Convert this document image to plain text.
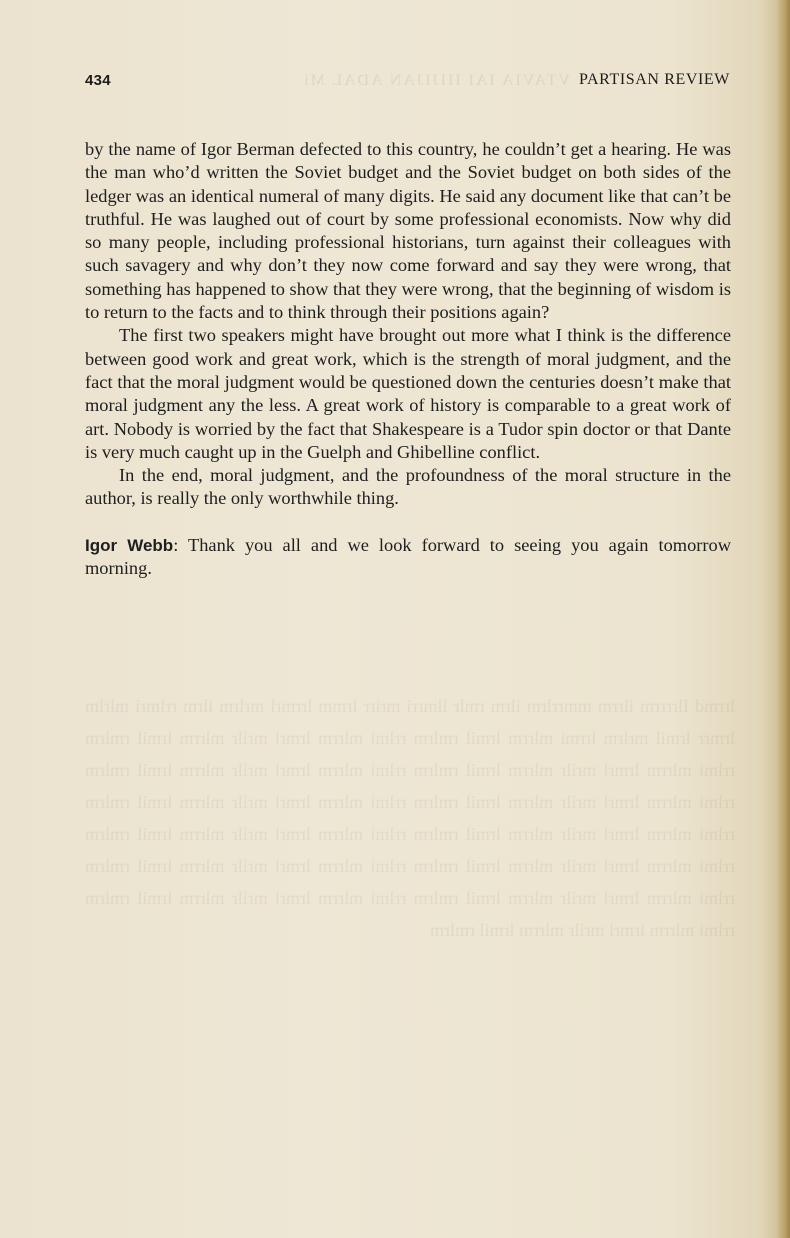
VTAVIA IAI IIIJIJAN ADAL Mi
434	PARTISAN REVIEW

by the name of Igor Berman defected to this country, he couldn’t get a hearing. He was the man who’d written the Soviet budget and the Soviet budget on both sides of the ledger was an identical numeral of many digits. He said any document like that can’t be truthful. He was laughed out of court by some professional economists. Now why did so many people, including professional historians, turn against their colleagues with such savagery and why don’t they now come forward and say they were wrong, that something has happened to show that they were wrong, that the beginning of wisdom is to return to the facts and to think through their positions again?

The first two speakers might have brought out more what I think is the difference between good work and great work, which is the strength of moral judgment, and the fact that the moral judgment would be questioned down the centuries doesn’t make that moral judgment any the less. A great work of history is comparable to a great work of art. Nobody is worried by the fact that Shakespeare is a Tudor spin doctor or that Dante is very much caught up in the Guelph and Ghibelline conflict.

In the end, moral judgment, and the profoundness of the moral structure in the author, is really the only worthwhile thing.

Igor Webb: Thank you all and we look forward to seeing you again tomorrow morning.

lrrmd Ilrrrrm ilrrm mmrrlrm ilrm rmlr llmrri mrirr lrmm lrrmrl mrlrm ilrm rrlmri mlrlm lrmrr lrmil mrlrm lrrmi mlrrm lrmil rmlrm rrlmi mlrrm lrmrl mrilr mlrrm lrmil rmlrm rrlmi mlrrm lrmrl mrilr mlrrm lrmil rmlrm rrlmi mlrrm lrmrl mrilr mlrrm lrmil rmlrm rrlmi mlrrm lrmrl mrilr mlrrm lrmil rmlrm rrlmi mlrrm lrmrl mrilr mlrrm lrmil rmlrm rrlmi mlrrm lrmrl mrilr mlrrm lrmil rmlrm rrlmi mlrrm lrmrl mrilr mlrrm lrmil rmlrm rrlmi mlrrm lrmrl mrilr mlrrm lrmil rmlrm rrlmi mlrrm lrmrl mrilr mlrrm lrmil rmlrm rrlmi mlrrm lrmrl mrilr mlrrm lrmil rmlrm rrlmi mlrrm lrmrl mrilr mlrrm lrmil rmlrm rrlmi mlrrm lrmrl mrilr mlrrm lrmil rmlrm
